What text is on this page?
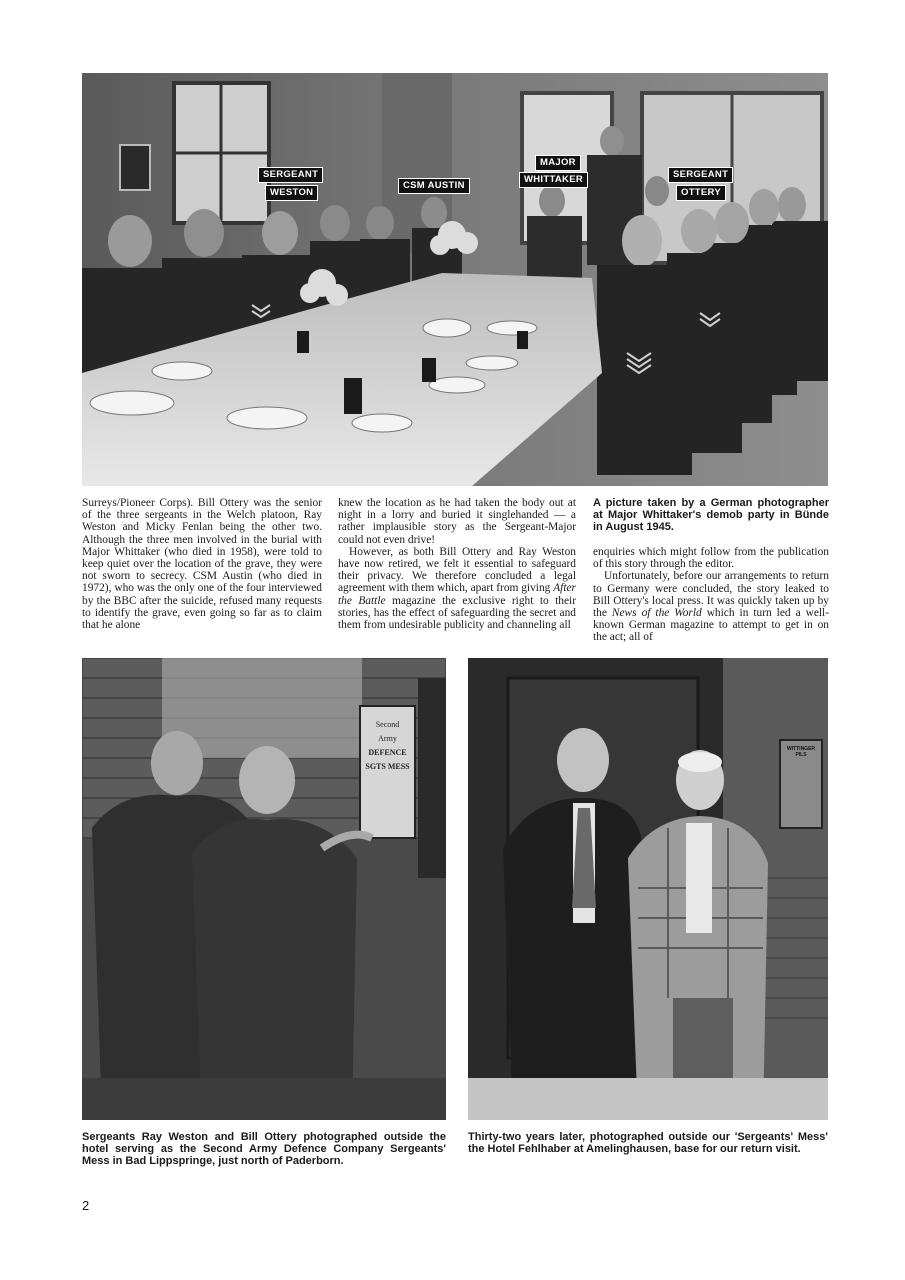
SERGEANT
WESTON
CSM AUSTIN
MAJOR
WHITTAKER	SERGEANT
OTTERY

Surreys/Pioneer Corps). Bill Ottery was the senior of the three sergeants in the Welch platoon, Ray Weston and Micky Fenlan being the other two. Although the three men involved in the burial with Major Whittaker (who died in 1958), were told to keep quiet over the location of the grave, they were not sworn to secrecy. CSM Austin (who died in 1972), who was the only one of the four interviewed by the BBC after the suicide, refused many requests to identify the grave, even going so far as to claim that he alone

knew the location as he had taken the body out at night in a lorry and buried it singlehanded — a rather implausible story as the Sergeant-Major could not even drive!

However, as both Bill Ottery and Ray Weston have now retired, we felt it essential to safeguard their privacy. We therefore concluded a legal agreement with them which, apart from giving After the Battle magazine the exclusive right to their stories, has the effect of safeguarding the secret and them from undesirable publicity and channeling all

A picture taken by a German photographer at Major Whittaker's demob party in Bünde in August 1945.

enquiries which might follow from the publication of this story through the editor.

Unfortunately, before our arrangements to return to Germany were concluded, the story leaked to Bill Ottery's local press. It was quickly taken up by the News of the World which in turn led a well-known German magazine to attempt to get in on the act; all of

Second
Army
DEFENCE
SGTS MESS
WITTINGER PILS
Sergeants Ray Weston and Bill Ottery photographed outside the hotel serving as the Second Army Defence Company Sergeants' Mess in Bad Lippspringe, just north of Paderborn.
Thirty-two years later, photographed outside our 'Sergeants' Mess' the Hotel Fehlhaber at Amelinghausen, base for our return visit.
2
